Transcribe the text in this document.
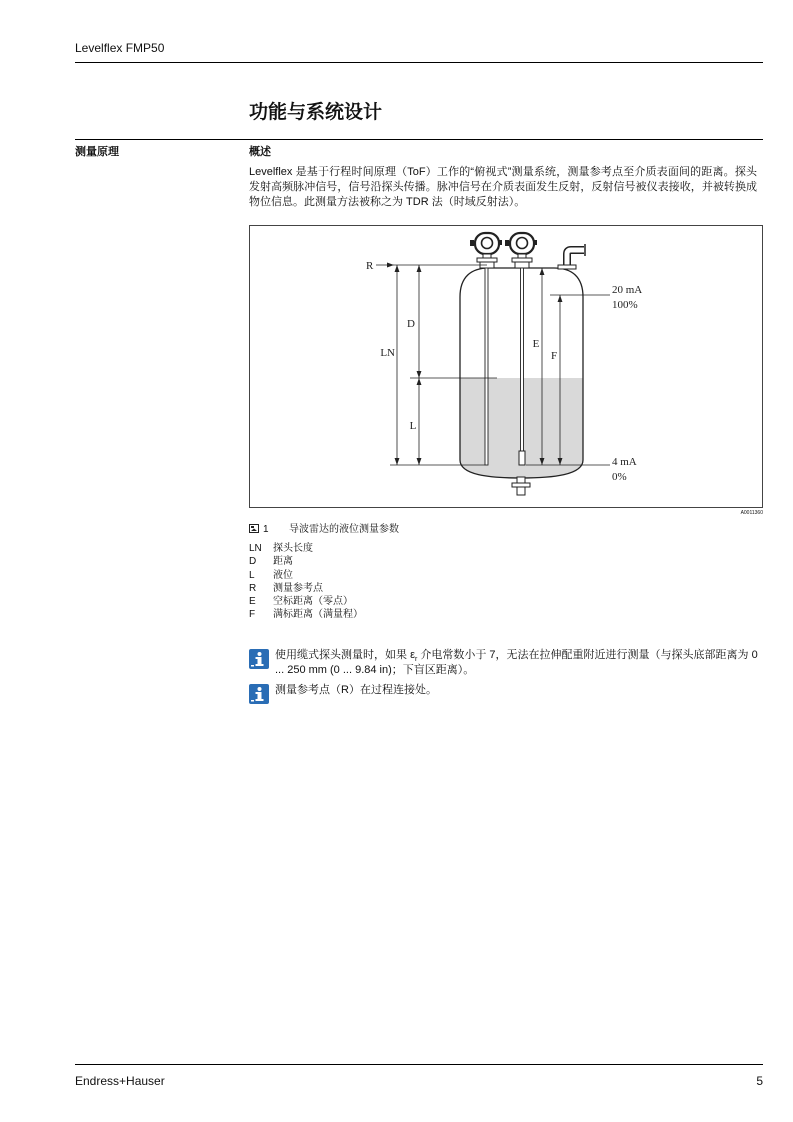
Levelflex FMP50
功能与系统设计
测量原理	概述
Levelflex 是基于行程时间原理（ToF）工作的“俯视式”测量系统，测量参考点至介质表面间的距离。探头发射高频脉冲信号，信号沿探头传播。脉冲信号在介质表面发生反射，反射信号被仪表接收，并被转换成物位信息。此测量方法被称之为 TDR 法（时域反射法）。
R
LN
D
L
E
F
20 mA
100%
4 mA
0%
A0011360
1 导波雷达的液位测量参数
LN	探头长度
D	距离
L	液位
R	测量参考点
E	空标距离（零点）
F	满标距离（满量程）
使用缆式探头测量时，如果 $\varepsilon_r$ 介电常数小于 7，无法在拉伸配重附近进行测量（与探头底部距离为 0 ... 250 mm (0 ... 9.84 in)；下盲区距离）。
测量参考点（R）在过程连接处。
Endress+Hauser	5
